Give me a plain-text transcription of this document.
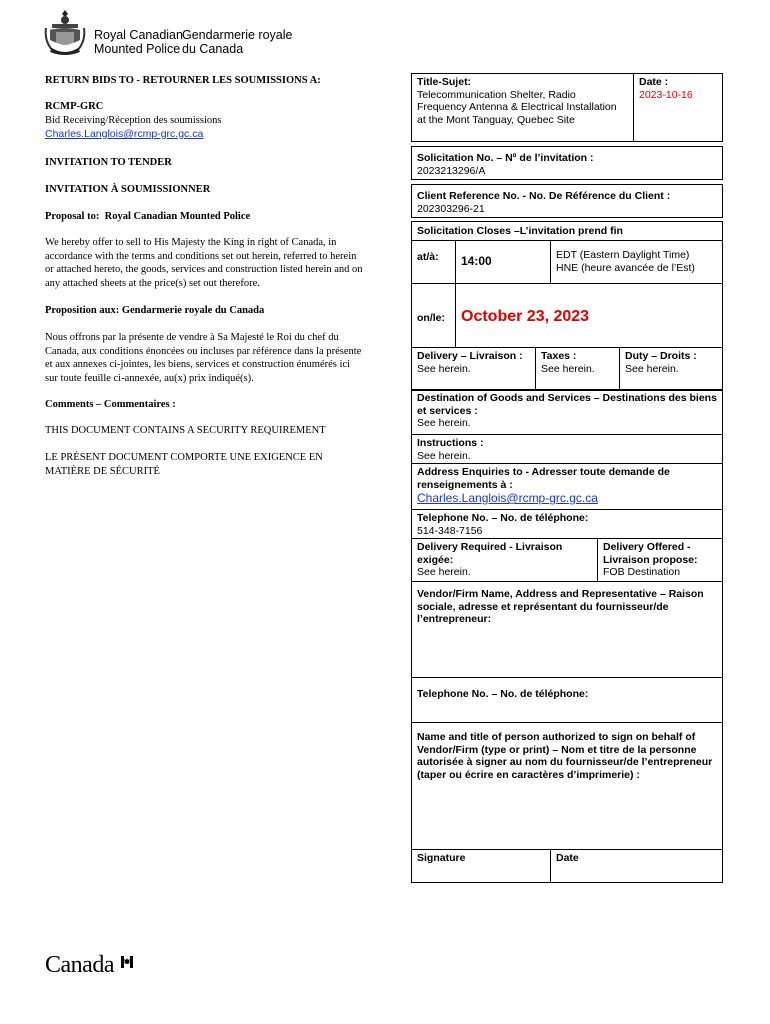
Royal Canadian
Mounted Police
Gendarmerie royale
du Canada

RETURN BIDS TO - RETOURNER LES SOUMISSIONS A:

RCMP-GRC

Bid Receiving/Réception des soumissions

Charles.Langlois@rcmp-grc.gc.ca

INVITATION TO TENDER

INVITATION À SOUMISSIONNER

Proposal to: Royal Canadian Mounted Police

We hereby offer to sell to His Majesty the King in right of Canada, in accordance with the terms and conditions set out herein, referred to herein or attached hereto, the goods, services and construction listed herein and on any attached sheets at the price(s) set out therefore.

Proposition aux: Gendarmerie royale du Canada

Nous offrons par la présente de vendre à Sa Majesté le Roi du chef du Canada, aux conditions énoncées ou incluses par référence dans la présente et aux annexes ci-jointes, les biens, services et construction énumérés ici sur toute feuille ci-annexée, au(x) prix indiqué(s).

Comments – Commentaires :

THIS DOCUMENT CONTAINS A SECURITY REQUIREMENT

LE PRÉSENT DOCUMENT COMPORTE UNE EXIGENCE EN MATIÈRE DE SÉCURITÉ

Title-Sujet:
Telecommunication Shelter, Radio Frequency Antenna & Electrical Installation at the Mont Tanguay, Quebec Site
Date :
2023-10-16
Solicitation No. – Nº de l’invitation :
2023213296/A
Client Reference No. - No. De Référence du Client :
202303296-21
Solicitation Closes –L’invitation prend fin
at/à:	14:00	EDT (Eastern Daylight Time)
HNE (heure avancée de l’Est)
on/le:	October 23, 2023
Delivery – Livraison :
See herein.
Taxes :
See herein.
Duty – Droits :
See herein.
Destination of Goods and Services – Destinations des biens et services :
See herein.
Instructions :
See herein.
Address Enquiries to - Adresser toute demande de renseignements à :
Charles.Langlois@rcmp-grc.gc.ca
Telephone No. – No. de téléphone:
514-348-7156
Delivery Required - Livraison exigée:
See herein.
Delivery Offered - Livraison propose:
FOB Destination
Vendor/Firm Name, Address and Representative – Raison sociale, adresse et représentant du fournisseur/de l’entrepreneur:
Telephone No. – No. de téléphone:
Name and title of person authorized to sign on behalf of Vendor/Firm (type or print) – Nom et titre de la personne autorisée à signer au nom du fournisseur/de l’entrepreneur (taper ou écrire en caractères d’imprimerie) :
Signature	Date
Canada
